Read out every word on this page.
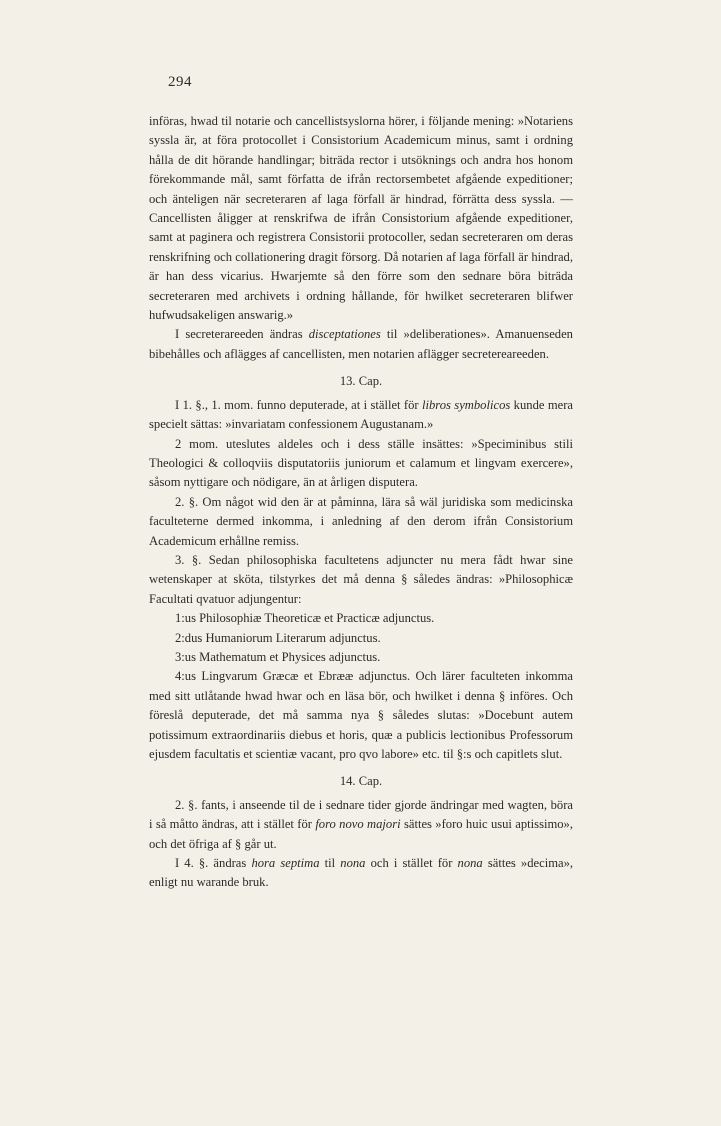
294

införas, hwad til notarie och cancellistsyslorna hörer, i följande mening: »Notariens syssla är, at föra protocollet i Consistorium Academicum minus, samt i ordning hålla de dit hörande handlingar; biträda rector i utsöknings och andra hos honom förekommande mål, samt författa de ifrån rectorsembetet afgående expeditioner; och änteligen när secreteraren af laga förfall är hindrad, förrätta dess syssla. — Cancellisten åligger at renskrifwa de ifrån Consistorium afgående expeditioner, samt at paginera och registrera Consistorii protocoller, sedan secreteraren om deras renskrifning och collationering dragit försorg. Då notarien af laga förfall är hindrad, är han dess vicarius. Hwarjemte så den förre som den sednare böra biträda secreteraren med archivets i ordning hållande, för hwilket secreteraren blifwer hufwudsakeligen answarig.»

I secreterareeden ändras disceptationes til »deliberationes». Amanuenseden bibehålles och aflägges af cancellisten, men notarien aflägger secretereareeden.

13. Cap.

I 1. §., 1. mom. funno deputerade, at i stället för libros symbolicos kunde mera specielt sättas: »invariatam confessionem Augustanam.»

2 mom. uteslutes aldeles och i dess ställe insättes: »Speciminibus stili Theologici & colloqviis disputatoriis juniorum et calamum et lingvam exercere», såsom nyttigare och nödigare, än at årligen disputera.

2. §. Om något wid den är at påminna, lära så wäl juridiska som medicinska faculteterne dermed inkomma, i anledning af den derom ifrån Consistorium Academicum erhållne remiss.

3. §. Sedan philosophiska facultetens adjuncter nu mera fådt hwar sine wetenskaper at sköta, tilstyrkes det må denna § således ändras: »Philosophicæ Facultati qvatuor adjungentur:

1:us Philosophiæ Theoreticæ et Practicæ adjunctus.

2:dus Humaniorum Literarum adjunctus.

3:us Mathematum et Physices adjunctus.

4:us Lingvarum Græcæ et Ebrææ adjunctus. Och lärer faculteten inkomma med sitt utlåtande hwad hwar och en läsa bör, och hwilket i denna § införes. Och föreslå deputerade, det må samma nya § således slutas: »Docebunt autem potissimum extraordinariis diebus et horis, quæ a publicis lectionibus Professorum ejusdem facultatis et scientiæ vacant, pro qvo labore» etc. til §:s och capitlets slut.

14. Cap.

2. §. fants, i anseende til de i sednare tider gjorde ändringar med wagten, böra i så måtto ändras, att i stället för foro novo majori sättes »foro huic usui aptissimo», och det öfriga af § går ut.

I 4. §. ändras hora septima til nona och i stället för nona sättes »decima», enligt nu warande bruk.
